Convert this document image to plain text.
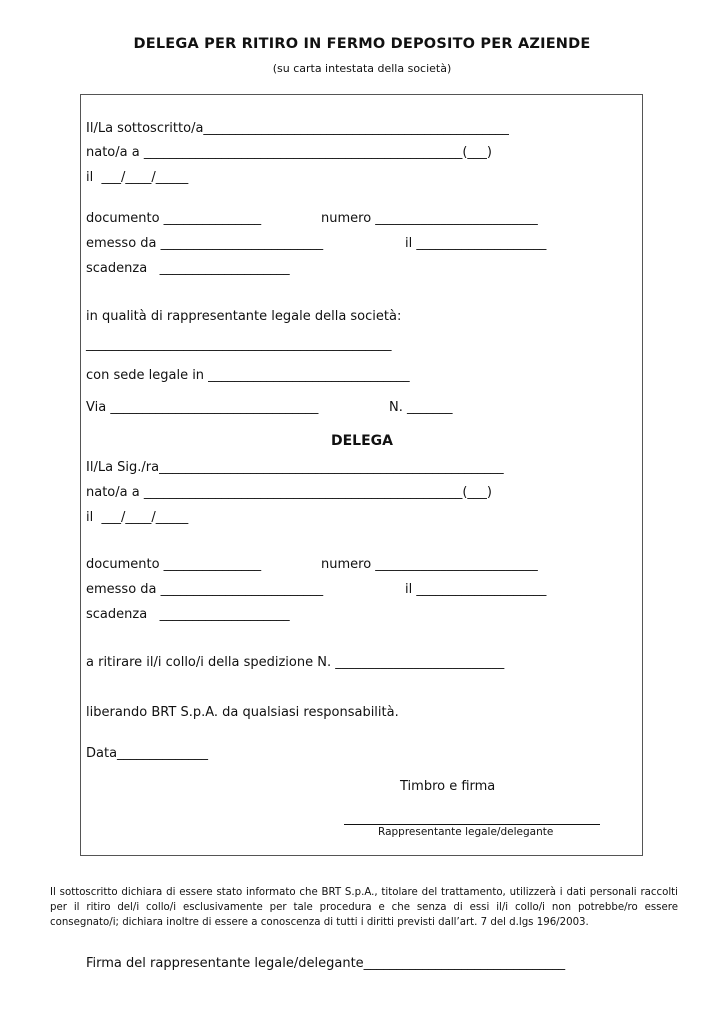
DELEGA PER RITIRO IN FERMO DEPOSITO PER AZIENDE
(su carta intestata della società)
Il/La sottoscritto/a_______________________________________________
nato/a a _________________________________________________(___)
il  ___/____/_____
documento _______________	numero _________________________
emesso da _________________________	il ____________________
scadenza   ____________________
in qualità di rappresentante legale della società:
_______________________________________________
con sede legale in _______________________________
Via ________________________________	N. _______
DELEGA
Il/La Sig./ra_____________________________________________________
nato/a a _________________________________________________(___)
il  ___/____/_____
documento _______________	numero _________________________
emesso da _________________________	il ____________________
scadenza   ____________________
a ritirare il/i collo/i della spedizione N. __________________________
liberando BRT S.p.A. da qualsiasi responsabilità.
Data______________
Timbro e firma
Rappresentante legale/delegante
Il sottoscritto dichiara di essere stato informato che BRT S.p.A., titolare del trattamento, utilizzerà i dati personali raccolti per il ritiro del/i collo/i esclusivamente per tale procedura e che senza di essi il/i collo/i non potrebbe/ro essere consegnato/i; dichiara inoltre di essere a conoscenza di tutti i diritti previsti dall’art. 7 del d.lgs 196/2003.
Firma del rappresentante legale/delegante_______________________________
